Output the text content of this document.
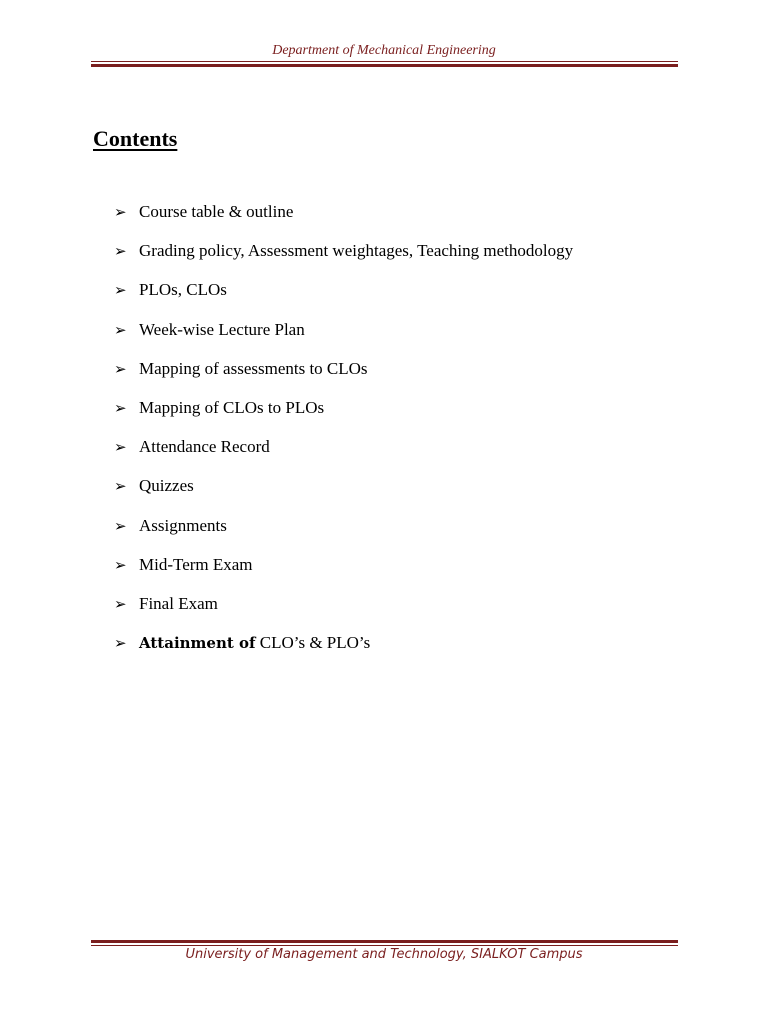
Department of Mechanical Engineering
Contents
➢ Course table & outline
➢ Grading policy, Assessment weightages, Teaching methodology
➢ PLOs, CLOs
➢ Week-wise Lecture Plan
➢ Mapping of assessments to CLOs
➢ Mapping of CLOs to PLOs
➢ Attendance Record
➢ Quizzes
➢ Assignments
➢ Mid-Term Exam
➢ Final Exam
➢ Attainment of CLO’s & PLO’s
University of Management and Technology, SIALKOT Campus
